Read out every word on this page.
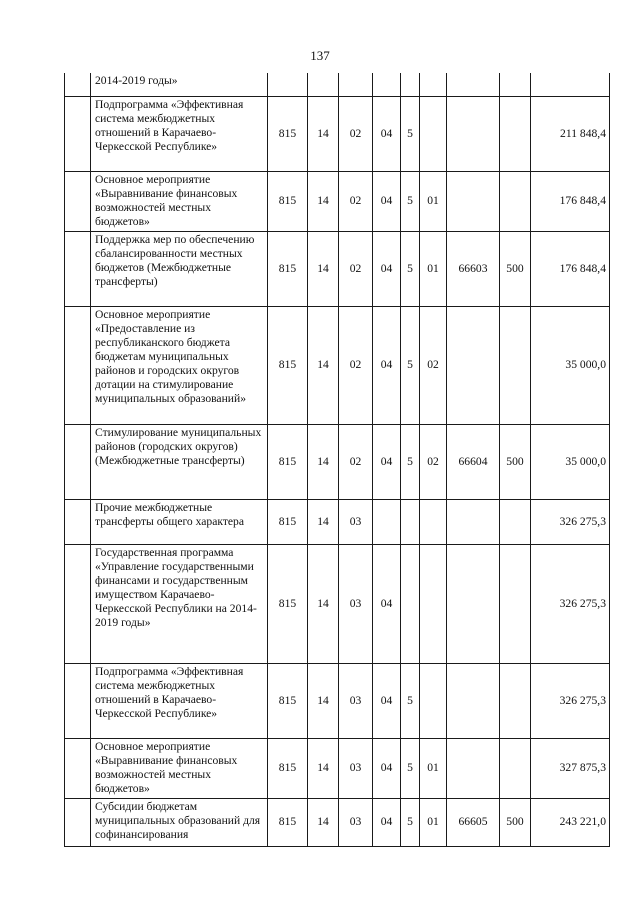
137
	2014-2019 годы»									
	Подпрограмма «Эффективная система межбюджетных отношений в Карачаево-Черкесской Республике»	815	14	02	04	5				211 848,4
	Основное мероприятие «Выравнивание финансовых возможностей местных бюджетов»	815	14	02	04	5	01			176 848,4
	Поддержка мер по обеспечению сбалансированности местных бюджетов (Межбюджетные трансферты)	815	14	02	04	5	01	66603	500	176 848,4
	Основное мероприятие «Предоставление из республиканского бюджета бюджетам муниципальных районов и городских округов дотации на стимулирование муниципальных образований»	815	14	02	04	5	02			35 000,0
	Стимулирование муниципальных районов (городских округов) (Межбюджетные трансферты)	815	14	02	04	5	02	66604	500	35 000,0
	Прочие межбюджетные трансферты общего характера	815	14	03						326 275,3
	Государственная программа «Управление государственными финансами и государственным имуществом Карачаево-Черкесской Республики на 2014-2019 годы»	815	14	03	04					326 275,3
	Подпрограмма «Эффективная система межбюджетных отношений в Карачаево-Черкесской Республике»	815	14	03	04	5				326 275,3
	Основное мероприятие «Выравнивание финансовых возможностей местных бюджетов»	815	14	03	04	5	01			327 875,3
	Субсидии бюджетам муниципальных образований для софинансирования	815	14	03	04	5	01	66605	500	243 221,0
